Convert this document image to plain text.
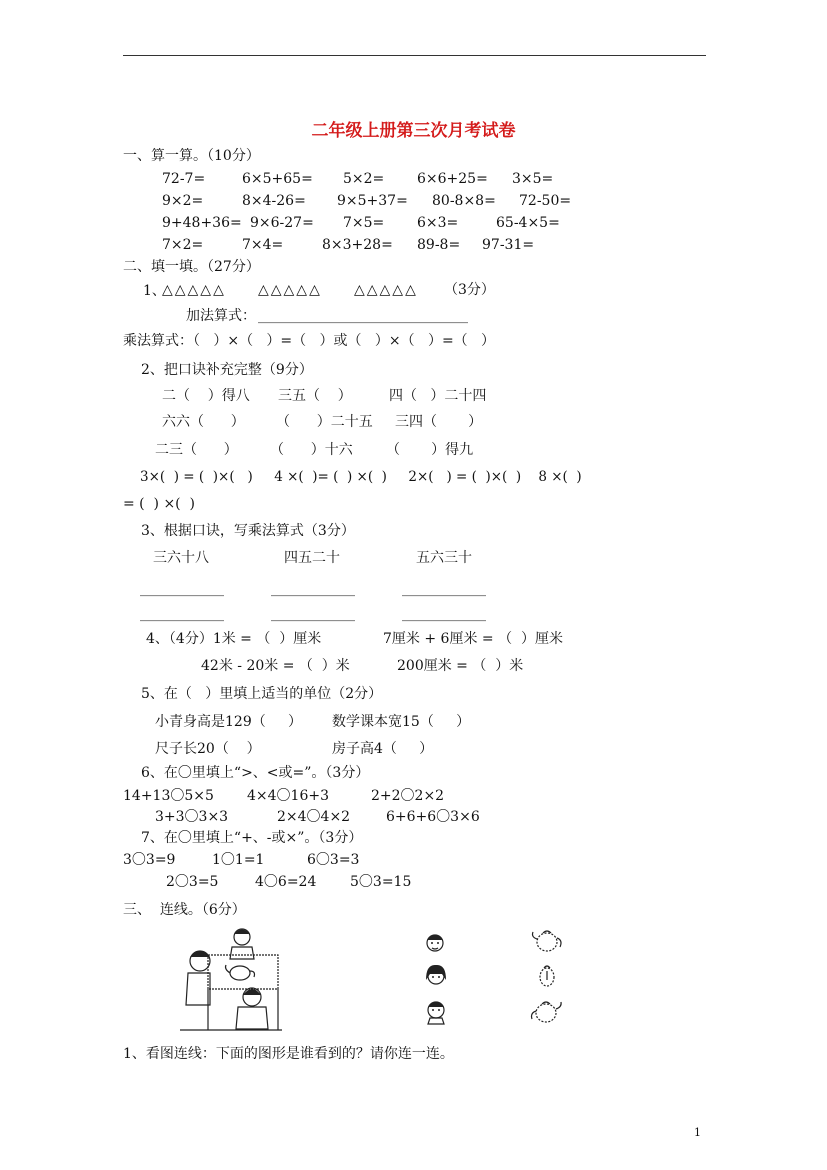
二年级上册第三次月考试卷
一、算一算。（10分）
72-7=	6×5+65= 5×2= 6×6+25= 3×5=
9×2=	8×4-26= 9×5+37= 80-8×8= 72-50=
9+48+36= 9×6-27= 7×5= 6×3=	65-4×5=
7×2=	7×4=	8×3+28= 89-8= 97-31=
二、填一填。（27分）
1、
△△△△△ △△△△△ △△△△△ （3分）
加法算式： ______________________________
乘法算式：（   ）×（   ）=（   ）或（   ）×（   ）=（   ）
2、把口诀补充完整（9分）
二（    ）得八 三五（    ）	四（   ）二十四
六六（      ） （      ）二十五 三四（       ）
二三（      ） （      ）十六 （       ）得九
3×(  ) = (  )×(   )     4 ×(  )= (  ) ×(  )     2×(   ) = (  )×(  )    8 ×(  )
= (  ) ×(  )
3、根据口诀，写乘法算式（3分）
三六十八	四五二十	五六三十
____________	____________	____________
____________	____________	____________
4、（4分）1米 = （  ）厘米	7厘米 + 6厘米 = （  ）厘米
42米 - 20米 = （  ）米	200厘米 = （  ）米
5、在（   ）里填上适当的单位（2分）
小青身高是129（     ） 数学课本宽15（     ）
尺子长20（    ）	房子高4（     ）
6、在〇里填上“>、<或=”。（3分）
14+13〇5×5 4×4〇16+3	2+2〇2×2
3+3〇3×3	2×4〇4×2	6+6+6〇3×6
7、在〇里填上“+、-或×”。（3分）
3〇3=9	1〇1=1	6〇3=3
2〇3=5	4〇6=24 5〇3=15
三、  连线。（6分）
1、看图连线：下面的图形是谁看到的？请你连一连。
1
